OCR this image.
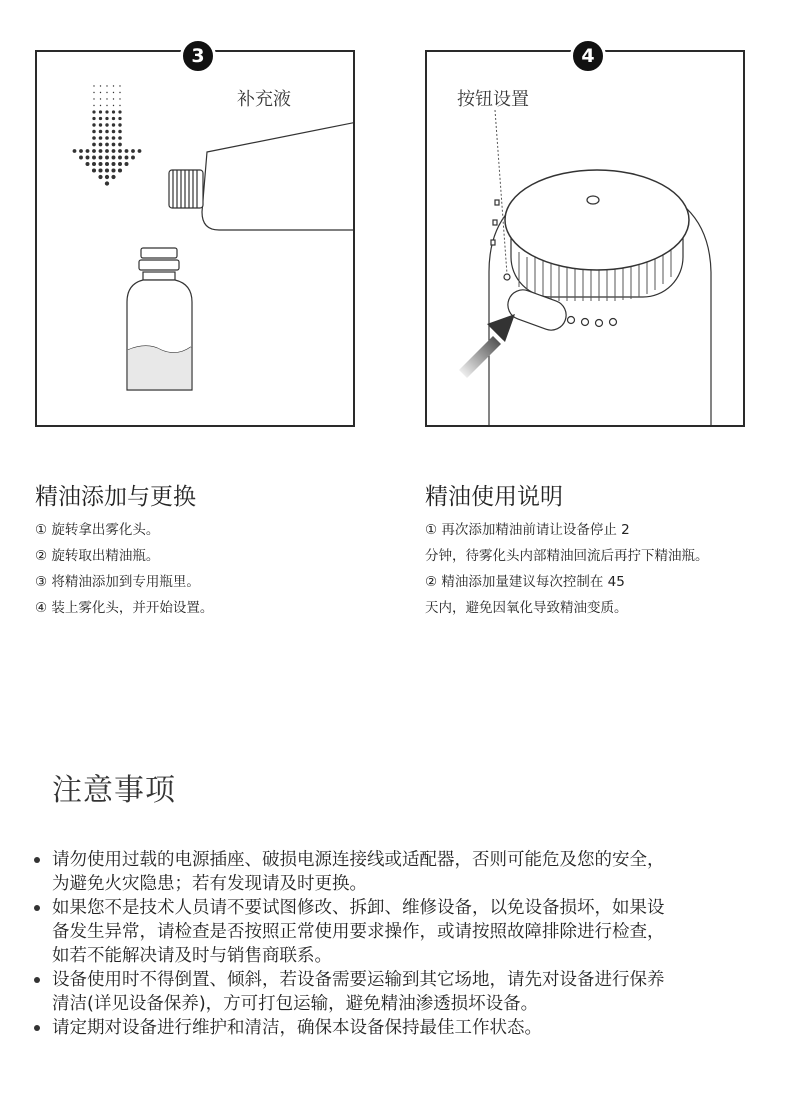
3
补充液
4
按钮设置
精油添加与更换
① 旋转拿出雾化头。
② 旋转取出精油瓶。
③ 将精油添加到专用瓶里。
④ 装上雾化头，并开始设置。
精油使用说明
① 再次添加精油前请让设备停止 2
分钟，待雾化头内部精油回流后再拧下精油瓶。
② 精油添加量建议每次控制在 45
天内，避免因氧化导致精油变质。
注意事项
请勿使用过载的电源插座、破损电源连接线或适配器，否则可能危及您的安全，
为避免火灾隐患；若有发现请及时更换。
如果您不是技术人员请不要试图修改、拆卸、维修设备，以免设备损坏，如果设
备发生异常，请检查是否按照正常使用要求操作，或请按照故障排除进行检查，
如若不能解决请及时与销售商联系。
设备使用时不得倒置、倾斜，若设备需要运输到其它场地，请先对设备进行保养
清洁(详见设备保养)，方可打包运输，避免精油渗透损坏设备。
请定期对设备进行维护和清洁，确保本设备保持最佳工作状态。
